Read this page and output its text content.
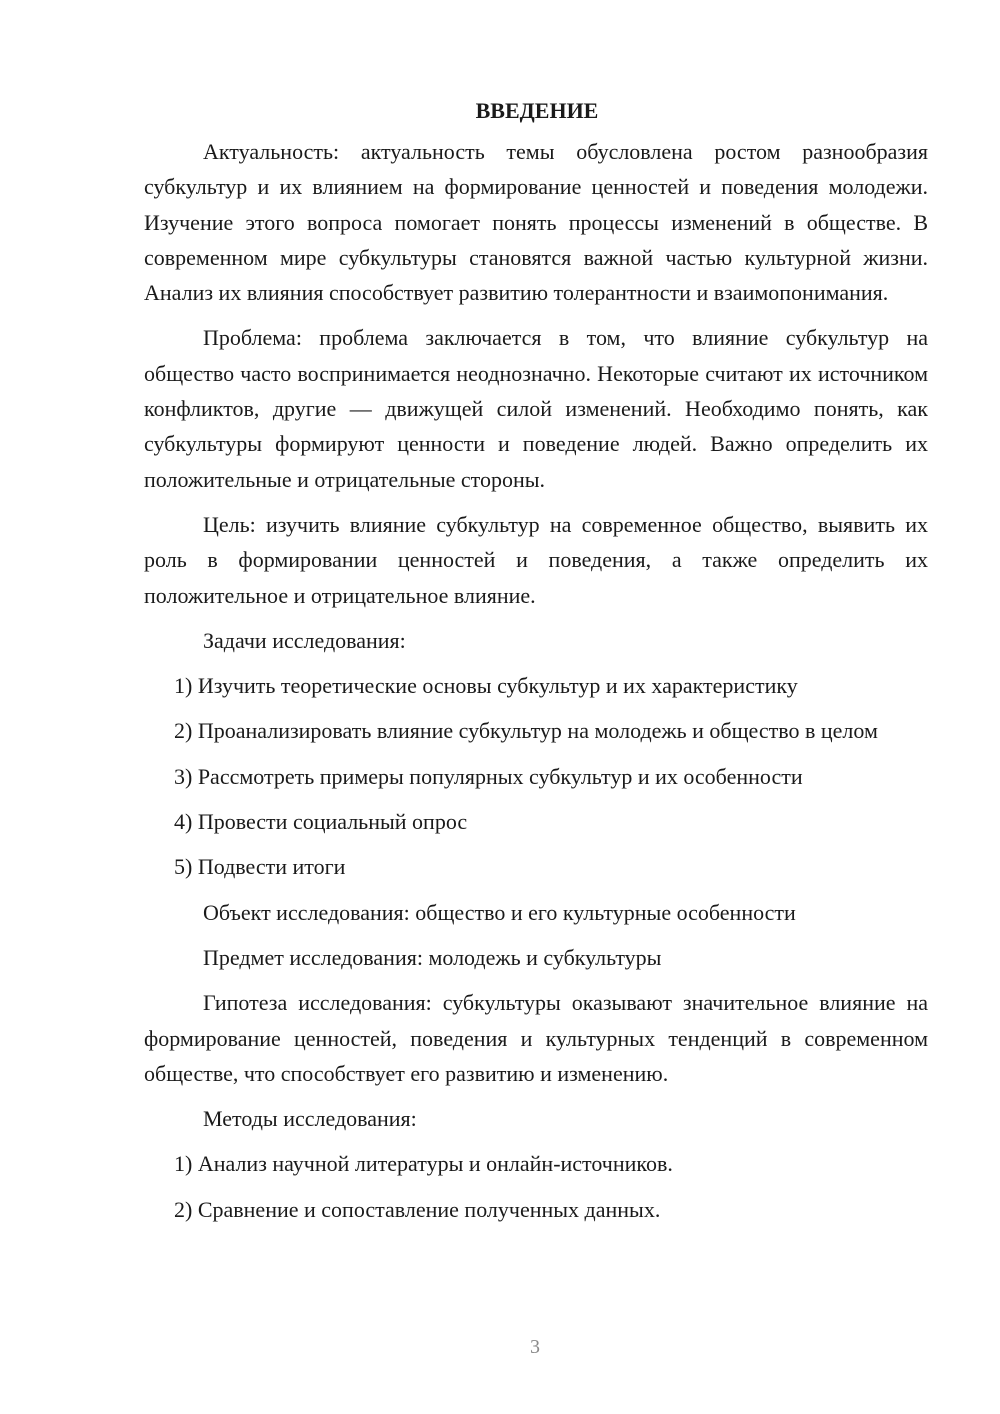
ВВЕДЕНИЕ

Актуальность: актуальность темы обусловлена ростом разнообразия субкультур и их влиянием на формирование ценностей и поведения молодежи. Изучение этого вопроса помогает понять процессы изменений в обществе. В современном мире субкультуры становятся важной частью культурной жизни. Анализ их влияния способствует развитию толерантности и взаимопонимания.

Проблема: проблема заключается в том, что влияние субкультур на общество часто воспринимается неоднозначно. Некоторые считают их источником конфликтов, другие — движущей силой изменений. Необходимо понять, как субкультуры формируют ценности и поведение людей. Важно определить их положительные и отрицательные стороны.

Цель: изучить влияние субкультур на современное общество, выявить их роль в формировании ценностей и поведения, а также определить их положительное и отрицательное влияние.

Задачи исследования:

1) Изучить теоретические основы субкультур и их характеристику

2) Проанализировать влияние субкультур на молодежь и общество в целом

3) Рассмотреть примеры популярных субкультур и их особенности

4) Провести социальный опрос

5) Подвести итоги

Объект исследования: общество и его культурные особенности

Предмет исследования: молодежь и субкультуры

Гипотеза исследования: субкультуры оказывают значительное влияние на формирование ценностей, поведения и культурных тенденций в современном обществе, что способствует его развитию и изменению.

Методы исследования:

1) Анализ научной литературы и онлайн-источников.

2) Сравнение и сопоставление полученных данных.

3
